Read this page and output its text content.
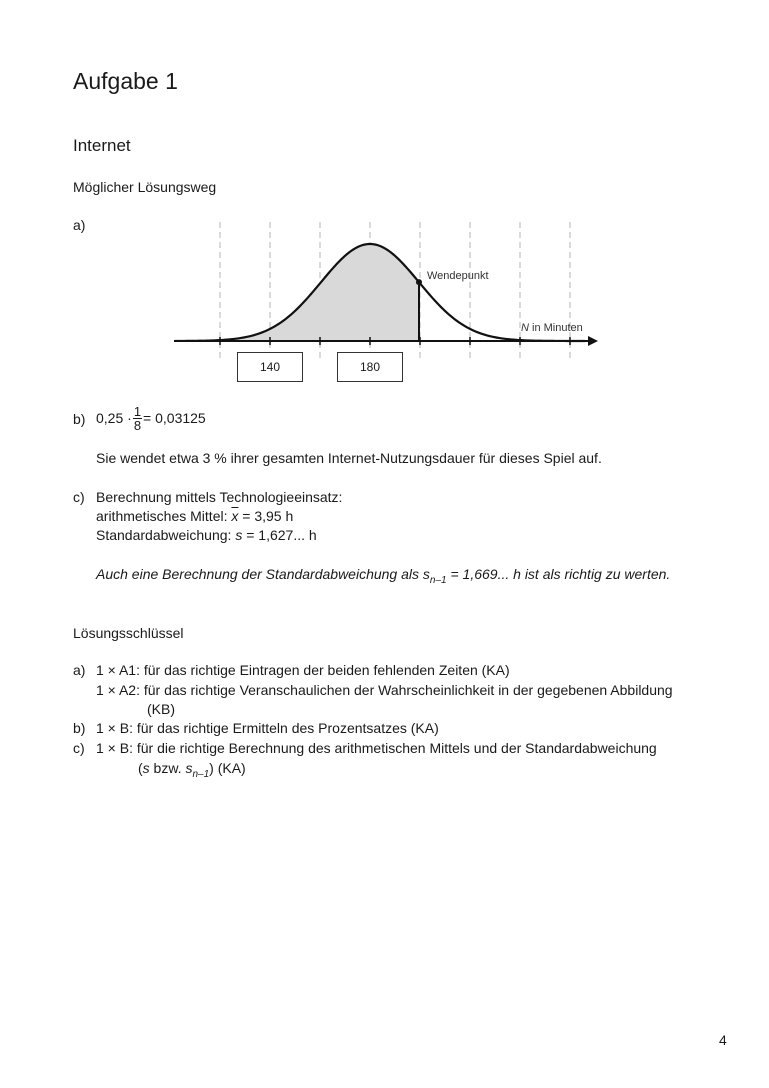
Aufgabe 1
Internet
Möglicher Lösungsweg
a)
Wendepunkt
N in Minuten
140	180
b) $0,25 \cdot \frac{1}{8} = 0,03125$
Sie wendet etwa 3 % ihrer gesamten Internet-Nutzungsdauer für dieses Spiel auf.
c) Berechnung mittels Technologieeinsatz:
arithmetisches Mittel: $\overline{x} = 3,95$ h
Standardabweichung: s = 1,627... h
Auch eine Berechnung der Standardabweichung als $s_{n-1} = 1,669$... h ist als richtig zu werten.
Lösungsschlüssel
a) 1 × A1: für das richtige Eintragen der beiden fehlenden Zeiten (KA)
1 × A2: für das richtige Veranschaulichen der Wahrscheinlichkeit in der gegebenen Abbildung
(KB)
b) 1 × B: für das richtige Ermitteln des Prozentsatzes (KA)
c) 1 × B: für die richtige Berechnung des arithmetischen Mittels und der Standardabweichung
(s bzw. $s_{n-1}$) (KA)
4
